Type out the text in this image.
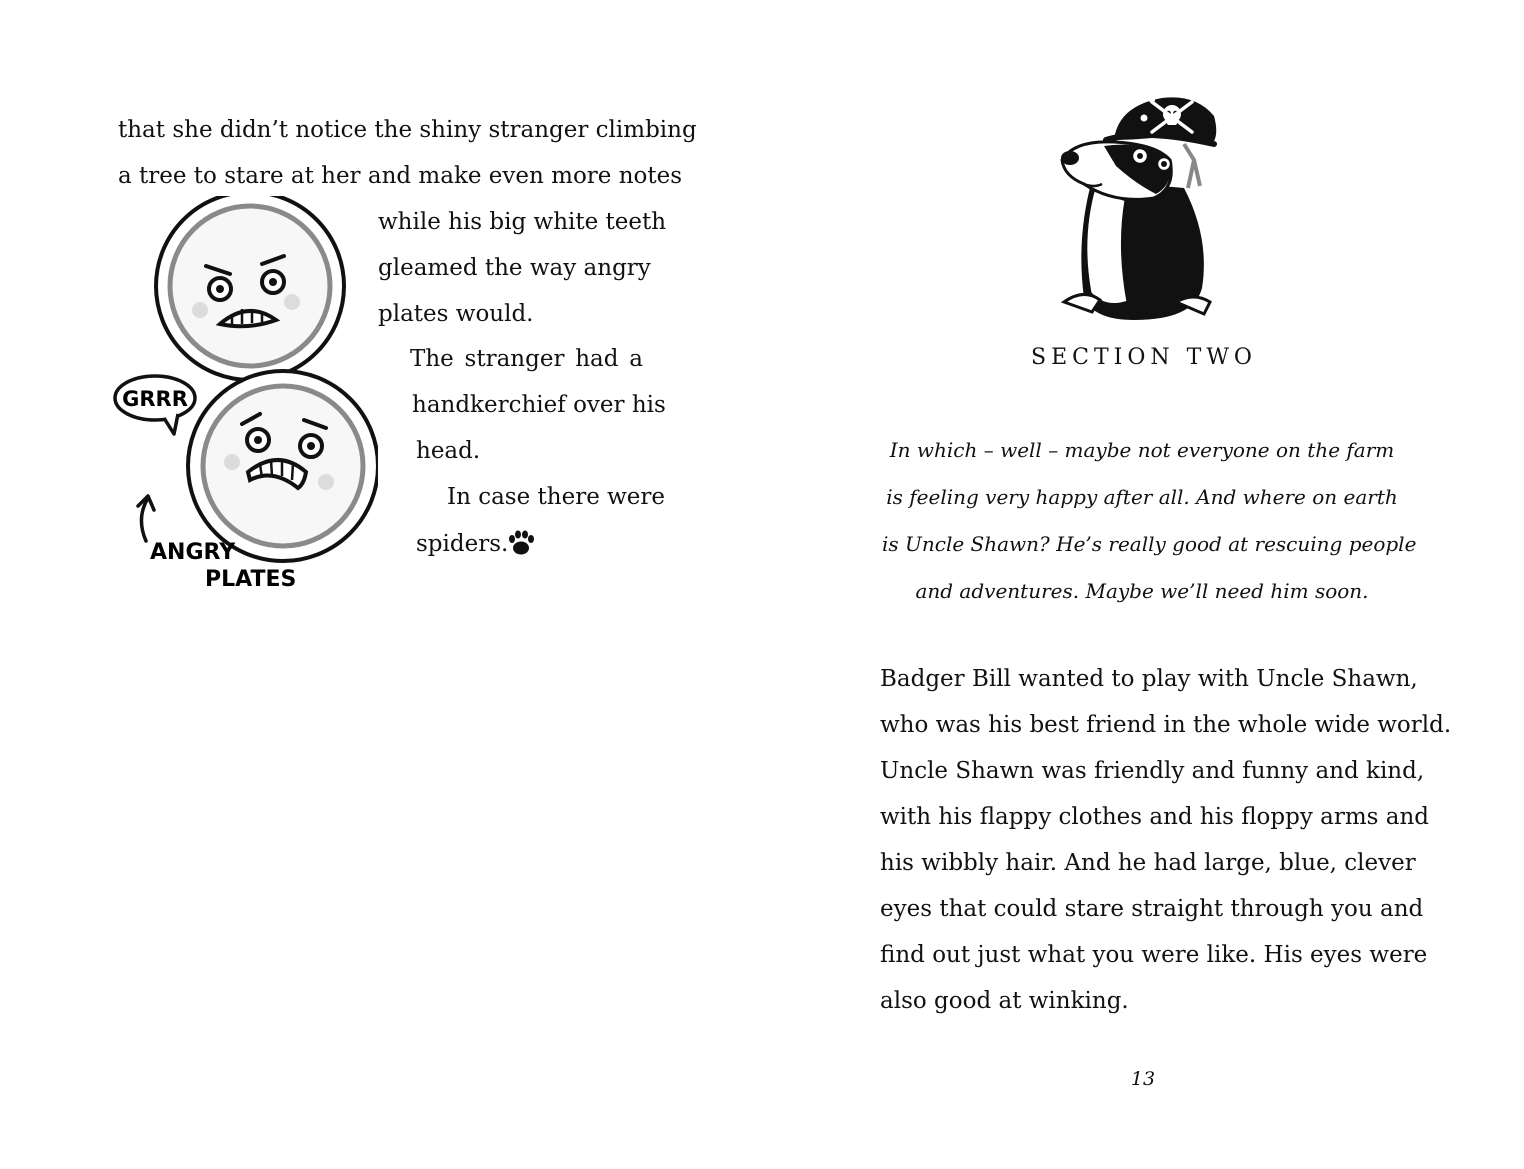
that she didn’t notice the shiny stranger climbing
a tree to stare at her and make even more notes
while his big white teeth
gleamed the way angry
plates would.
The stranger had a
handkerchief over his
head.
In case there were
spiders.
GRRR
ANGRY
PLATES
SECTION TWO
In which – well – maybe not everyone on the farm
is feeling very happy after all. And where on earth
is Uncle Shawn? He’s really good at rescuing people
and adventures. Maybe we’ll need him soon.
Badger Bill wanted to play with Uncle Shawn,
who was his best friend in the whole wide world.
Uncle Shawn was friendly and funny and kind,
with his flappy clothes and his floppy arms and
his wibbly hair. And he had large, blue, clever
eyes that could stare straight through you and
find out just what you were like. His eyes were
also good at winking.
13
